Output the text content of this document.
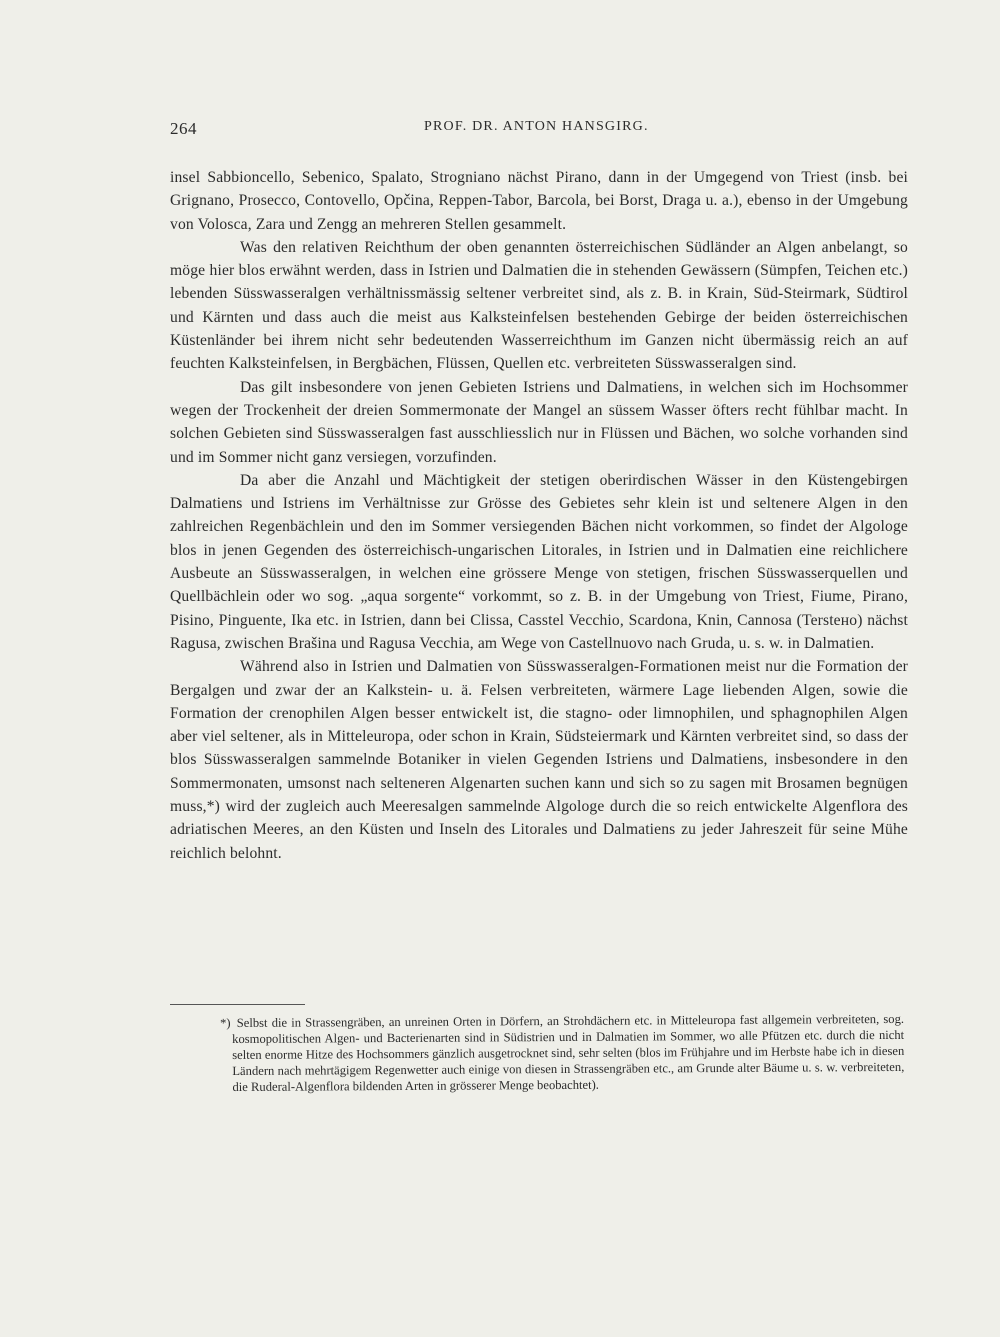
264	PROF. DR. ANTON HANSGIRG.

insel Sabbioncello, Sebenico, Spalato, Strogniano nächst Pirano, dann in der Umgegend von Triest (insb. bei Grignano, Prosecco, Contovello, Opčina, Reppen-Tabor, Barcola, bei Borst, Draga u. a.), ebenso in der Umgebung von Volosca, Zara und Zengg an mehreren Stellen gesammelt.

Was den relativen Reichthum der oben genannten österreichischen Südländer an Algen anbelangt, so möge hier blos erwähnt werden, dass in Istrien und Dalmatien die in stehenden Gewässern (Sümpfen, Teichen etc.) lebenden Süsswasseralgen verhältnissmässig seltener verbreitet sind, als z. B. in Krain, Süd-Steirmark, Südtirol und Kärnten und dass auch die meist aus Kalksteinfelsen bestehenden Gebirge der beiden österreichischen Küstenländer bei ihrem nicht sehr bedeutenden Wasserreichthum im Ganzen nicht übermässig reich an auf feuchten Kalksteinfelsen, in Bergbächen, Flüssen, Quellen etc. verbreiteten Süsswasseralgen sind.

Das gilt insbesondere von jenen Gebieten Istriens und Dalmatiens, in welchen sich im Hochsommer wegen der Trockenheit der dreien Sommermonate der Mangel an süssem Wasser öfters recht fühlbar macht. In solchen Gebieten sind Süsswasseralgen fast ausschliesslich nur in Flüssen und Bächen, wo solche vorhanden sind und im Sommer nicht ganz versiegen, vorzufinden.

Da aber die Anzahl und Mächtigkeit der stetigen oberirdischen Wässer in den Küstengebirgen Dalmatiens und Istriens im Verhältnisse zur Grösse des Gebietes sehr klein ist und seltenere Algen in den zahlreichen Regenbächlein und den im Sommer versiegenden Bächen nicht vorkommen, so findet der Algologe blos in jenen Gegenden des österreichisch-ungarischen Litorales, in Istrien und in Dalmatien eine reichlichere Ausbeute an Süsswasseralgen, in welchen eine grössere Menge von stetigen, frischen Süsswasserquellen und Quellbächlein oder wo sog. „aqua sorgente“ vorkommt, so z. B. in der Umgebung von Triest, Fiume, Pirano, Pisino, Pinguente, Ika etc. in Istrien, dann bei Clissa, Casstel Vecchio, Scardona, Knin, Cannosa (Terstено) nächst Ragusa, zwischen Brašina und Ragusa Vecchia, am Wege von Castellnuovo nach Gruda, u. s. w. in Dalmatien.

Während also in Istrien und Dalmatien von Süsswasseralgen-Formationen meist nur die Formation der Bergalgen und zwar der an Kalkstein- u. ä. Felsen verbreiteten, wärmere Lage liebenden Algen, sowie die Formation der crenophilen Algen besser entwickelt ist, die stagno- oder limnophilen, und sphagnophilen Algen aber viel seltener, als in Mitteleuropa, oder schon in Krain, Südsteiermark und Kärnten verbreitet sind, so dass der blos Süsswasseralgen sammelnde Botaniker in vielen Gegenden Istriens und Dalmatiens, insbesondere in den Sommermonaten, umsonst nach selteneren Algenarten suchen kann und sich so zu sagen mit Brosamen begnügen muss,*) wird der zugleich auch Meeresalgen sammelnde Algologe durch die so reich entwickelte Algenflora des adriatischen Meeres, an den Küsten und Inseln des Litorales und Dalmatiens zu jeder Jahreszeit für seine Mühe reichlich belohnt.

*) Selbst die in Strassengräben, an unreinen Orten in Dörfern, an Strohdächern etc. in Mitteleuropa fast allgemein verbreiteten, sog. kosmopolitischen Algen- und Bacterienarten sind in Südistrien und in Dalmatien im Sommer, wo alle Pfützen etc. durch die nicht selten enorme Hitze des Hochsommers gänzlich ausgetrocknet sind, sehr selten (blos im Frühjahre und im Herbste habe ich in diesen Ländern nach mehrtägigem Regenwetter auch einige von diesen in Strassengräben etc., am Grunde alter Bäume u. s. w. verbreiteten, die Ruderal-Algenflora bildenden Arten in grösserer Menge beobachtet).
